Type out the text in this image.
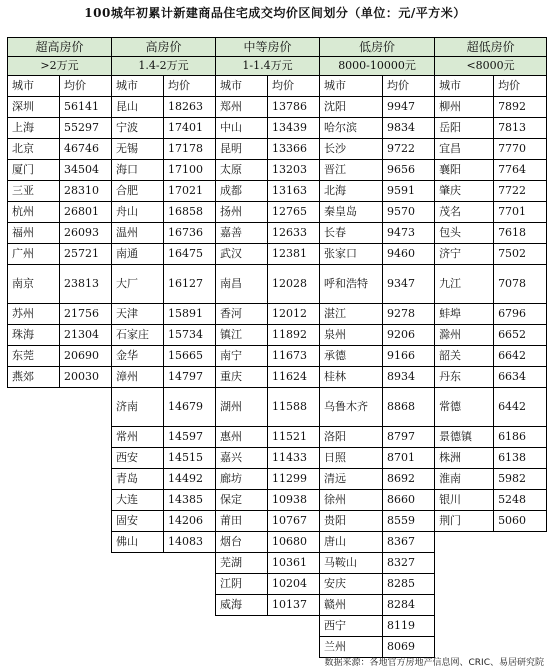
100城年初累计新建商品住宅成交均价区间划分（单位：元/平方米）
超高房价		高房价		中等房价		低房价		超低房价	
>2万元		1.4-2万元		1-1.4万元		8000-10000元		<8000元	
城市	均价	城市	均价	城市	均价	城市	均价	城市	均价
深圳	56141	昆山	18263	郑州	13786	沈阳	9947	柳州	7892
上海	55297	宁波	17401	中山	13439	哈尔滨	9834	岳阳	7813
北京	46746	无锡	17178	昆明	13366	长沙	9722	宜昌	7770
厦门	34504	海口	17100	太原	13203	晋江	9656	襄阳	7764
三亚	28310	合肥	17021	成都	13163	北海	9591	肇庆	7722
杭州	26801	舟山	16858	扬州	12765	秦皇岛	9570	茂名	7701
福州	26093	温州	16736	嘉善	12633	长春	9473	包头	7618
广州	25721	南通	16475	武汉	12381	张家口	9460	济宁	7502
南京	23813	大厂	16127	南昌	12028	呼和浩特	9347	九江	7078
苏州	21756	天津	15891	香河	12012	湛江	9278	蚌埠	6796
珠海	21304	石家庄	15734	镇江	11892	泉州	9206	滁州	6652
东莞	20690	金华	15665	南宁	11673	承德	9166	韶关	6642
燕郊	20030	漳州	14797	重庆	11624	桂林	8934	丹东	6634
		济南	14679	湖州	11588	乌鲁木齐	8868	常德	6442
		常州	14597	惠州	11521	洛阳	8797	景德镇	6186
		西安	14515	嘉兴	11433	日照	8701	株洲	6138
		青岛	14492	廊坊	11299	清远	8692	淮南	5982
		大连	14385	保定	10938	徐州	8660	银川	5248
		固安	14206	莆田	10767	贵阳	8559	荆门	5060
		佛山	14083	烟台	10680	唐山	8367		
				芜湖	10361	马鞍山	8327		
				江阴	10204	安庆	8285		
				威海	10137	赣州	8284		
						西宁	8119		
						兰州	8069		
数据来源：各地官方房地产信息网、CRIC、易居研究院
